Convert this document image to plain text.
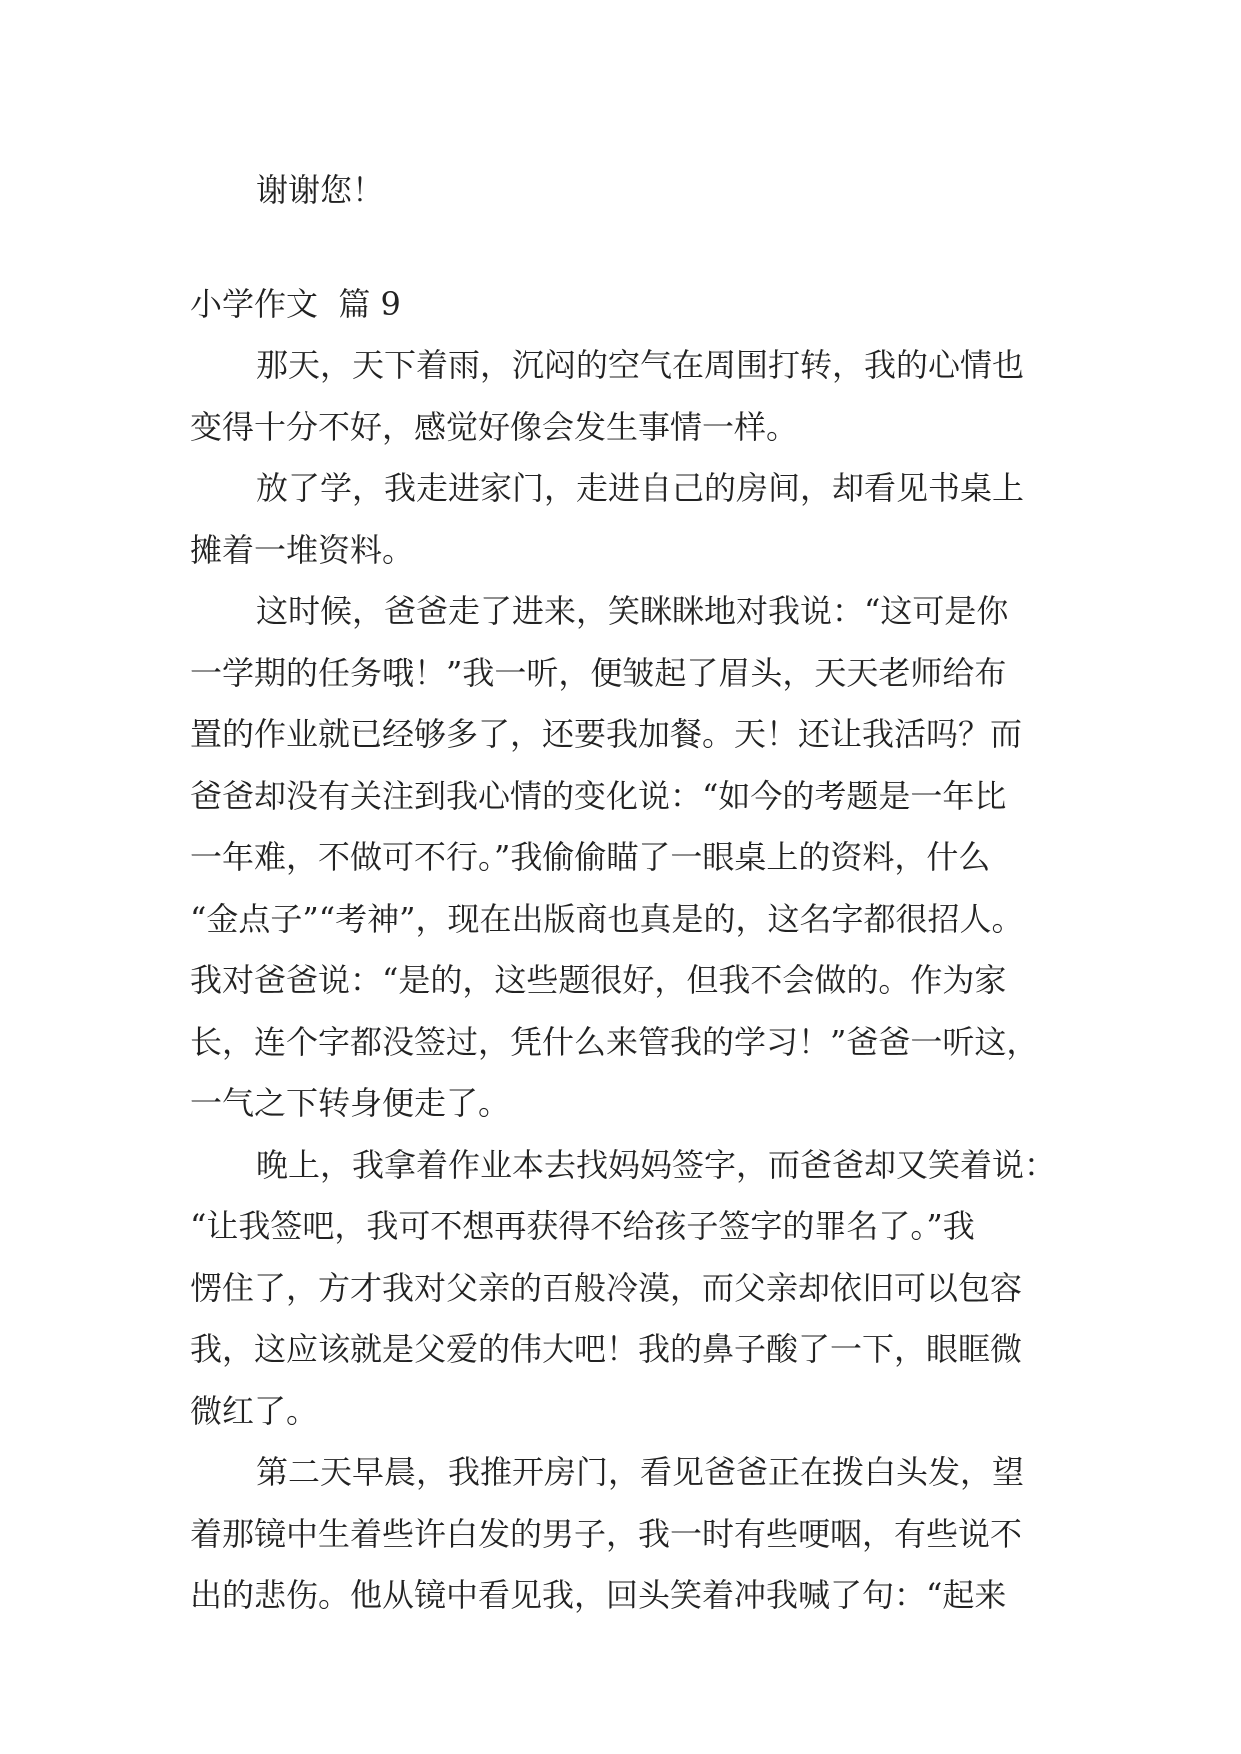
谢谢您！

小学作文  篇 9

那天，天下着雨，沉闷的空气在周围打转，我的心情也
变得十分不好，感觉好像会发生事情一样。
放了学，我走进家门，走进自己的房间，却看见书桌上
摊着一堆资料。
这时候，爸爸走了进来，笑眯眯地对我说：“这可是你
一学期的任务哦！”我一听，便皱起了眉头，天天老师给布
置的作业就已经够多了，还要我加餐。天！还让我活吗？而
爸爸却没有关注到我心情的变化说：“如今的考题是一年比
一年难，不做可不行。”我偷偷瞄了一眼桌上的资料，什么
“金点子”“考神”，现在出版商也真是的，这名字都很招人。
我对爸爸说：“是的，这些题很好，但我不会做的。作为家
长，连个字都没签过，凭什么来管我的学习！”爸爸一听这，
一气之下转身便走了。
晚上，我拿着作业本去找妈妈签字，而爸爸却又笑着说：
“让我签吧，我可不想再获得不给孩子签字的罪名了。”我
愣住了，方才我对父亲的百般冷漠，而父亲却依旧可以包容
我，这应该就是父爱的伟大吧！我的鼻子酸了一下，眼眶微
微红了。
第二天早晨，我推开房门，看见爸爸正在拨白头发，望
着那镜中生着些许白发的男子，我一时有些哽咽，有些说不
出的悲伤。他从镜中看见我，回头笑着冲我喊了句：“起来
